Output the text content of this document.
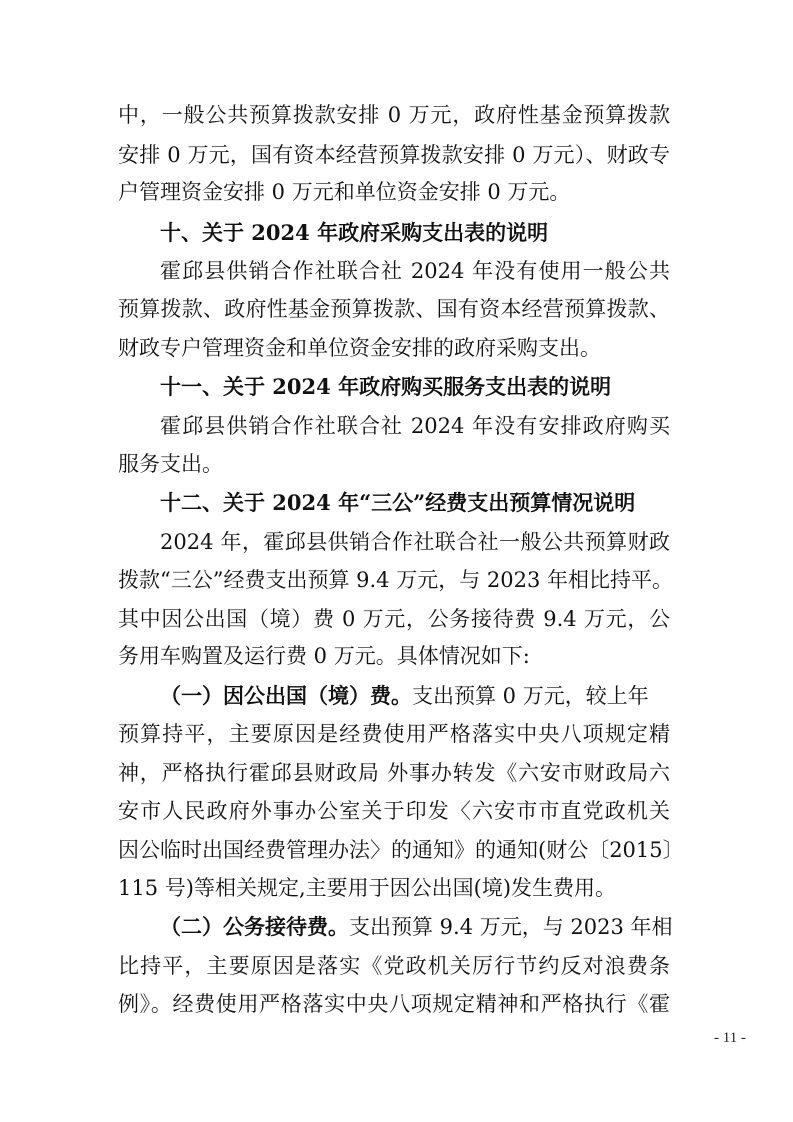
中，一般公共预算拨款安排 0 万元，政府性基金预算拨款
安排 0 万元，国有资本经营预算拨款安排 0 万元）、财政专
户管理资金安排 0 万元和单位资金安排 0 万元。
十、关于 2024 年政府采购支出表的说明
霍邱县供销合作社联合社 2024 年没有使用一般公共
预算拨款、政府性基金预算拨款、国有资本经营预算拨款、
财政专户管理资金和单位资金安排的政府采购支出。
十一、关于 2024 年政府购买服务支出表的说明
霍邱县供销合作社联合社 2024 年没有安排政府购买
服务支出。
十二、关于 2024 年“三公”经费支出预算情况说明
2024 年，霍邱县供销合作社联合社一般公共预算财政
拨款“三公”经费支出预算 9.4 万元，与 2023 年相比持平。
其中因公出国（境）费 0 万元，公务接待费 9.4 万元，公
务用车购置及运行费 0 万元。具体情况如下:
（一）因公出国（境）费。支出预算 0 万元，较上年
预算持平，主要原因是经费使用严格落实中央八项规定精
神，严格执行霍邱县财政局 外事办转发《六安市财政局六
安市人民政府外事办公室关于印发〈六安市市直党政机关
因公临时出国经费管理办法〉的通知》的通知(财公〔2015〕
115 号)等相关规定,主要用于因公出国(境)发生费用。
（二）公务接待费。支出预算 9.4 万元，与 2023 年相
比持平，主要原因是落实《党政机关厉行节约反对浪费条
例》。经费使用严格落实中央八项规定精神和严格执行《霍
- 11 -
